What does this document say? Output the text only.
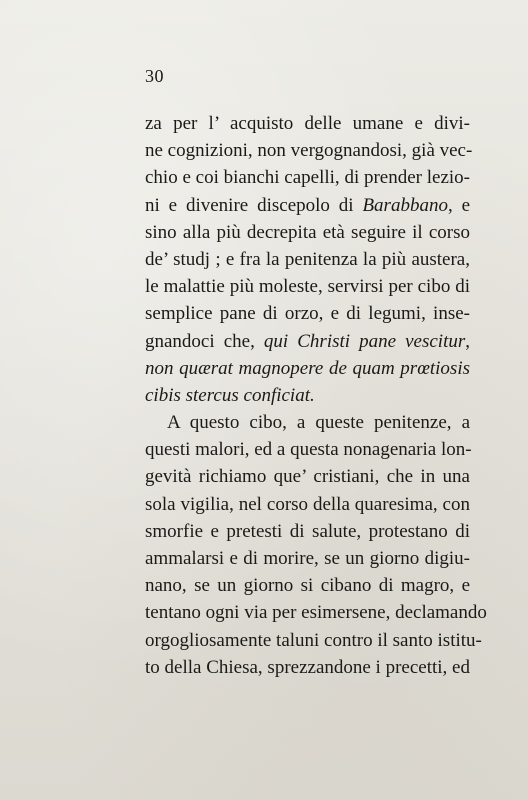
30
za per l’ acquisto delle umane e divi-
ne cognizioni, non vergognandosi, già vec-
chio e coi bianchi capelli, di prender lezio-
ni e divenire discepolo di Barabbano, e
sino alla più decrepita età seguire il corso
de’ studj ; e fra la penitenza la più austera,
le malattie più moleste, servirsi per cibo di
semplice pane di orzo, e di legumi, inse-
gnandoci che, qui Christi pane vescitur,
non quærat magnopere de quam prœtiosis
cibis stercus conficiat.
A questo cibo, a queste penitenze, a
questi malori, ed a questa nonagenaria lon-
gevità richiamo que’ cristiani, che in una
sola vigilia, nel corso della quaresima, con
smorfie e pretesti di salute, protestano di
ammalarsi e di morire, se un giorno digiu-
nano, se un giorno si cibano di magro, e
tentano ogni via per esimersene, declamando
orgogliosamente taluni contro il santo istitu-
to della Chiesa, sprezzandone i precetti, ed
